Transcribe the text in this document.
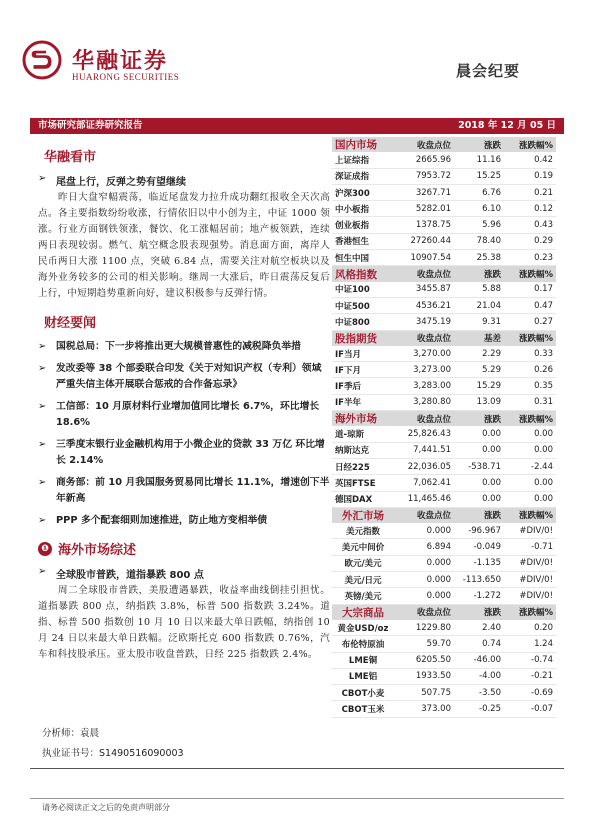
华融证券
HUARONG SECURITIES	晨会纪要
市场研究部证券研究报告	2018 年 12 月 05 日
华融看市
➢ 尾盘上行，反弹之势有望继续
昨日大盘窄幅震荡，临近尾盘发力拉升成功翻红报收全天次高点。各主要指数纷纷收涨，行情依旧以中小创为主，中证 1000 领涨。行业方面钢铁领涨，餐饮、化工涨幅居前；地产板领跌，连续两日表现较弱。燃气、航空概念股表现强势。消息面方面，离岸人民币两日大涨 1100 点，突破 6.84 点，需要关注对航空板块以及海外业务较多的公司的相关影响。继周一大涨后，昨日震荡反复后上行，中短期趋势重新向好，建议积极参与反弹行情。
财经要闻
➢ 国税总局：下一步将推出更大规模普惠性的减税降负举措
➢ 发改委等 38 个部委联合印发《关于对知识产权（专利）领域严重失信主体开展联合惩戒的合作备忘录》
➢ 工信部：10 月原材料行业增加值同比增长 6.7%，环比增长 18.6%
➢ 三季度末银行业金融机构用于小微企业的贷款 33 万亿 环比增长 2.14%
➢ 商务部：前 10 月我国服务贸易同比增长 11.1%，增速创下半年新高
➢ PPP 多个配套细则加速推进，防止地方变相举债
❶ 海外市场综述
➢ 全球股市普跌，道指暴跌 800 点
周二全球股市普跌，美股遭遇暴跌，收益率曲线倒挂引担忧。道指暴跌 800 点，纳指跌 3.8%，标普 500 指数跌 3.24%。道指、标普 500 指数创 10 月 10 日以来最大单日跌幅，纳指创 10 月 24 日以来最大单日跌幅。泛欧斯托克 600 指数跌 0.76%，汽车和科技股承压。亚太股市收盘普跌，日经 225 指数跌 2.4%。
国内市场	收盘点位	涨跌	涨跌幅%
上证综指	2665.96	11.16	0.42
深证成指	7953.72	15.25	0.19
沪深300	3267.71	6.76	0.21
中小板指	5282.01	6.10	0.12
创业板指	1378.75	5.96	0.43
香港恒生	27260.44	78.40	0.29
恒生中国	10907.54	25.38	0.23
风格指数	收盘点位	涨跌	涨跌幅%
中证100	3455.87	5.88	0.17
中证500	4536.21	21.04	0.47
中证800	3475.19	9.31	0.27
股指期货	收盘点位	基差	涨跌幅%
IF当月	3,270.00	2.29	0.33
IF下月	3,273.00	5.29	0.26
IF季后	3,283.00	15.29	0.35
IF半年	3,280.80	13.09	0.31
海外市场	收盘点位	涨跌	涨跌幅%
道-琼斯	25,826.43	0.00	0.00
纳斯达克	7,441.51	0.00	0.00
日经225	22,036.05	-538.71	-2.44
英国FTSE	7,062.41	0.00	0.00
德国DAX	11,465.46	0.00	0.00
外汇市场	收盘点位	涨跌	涨跌幅%
美元指数	0.000	-96.967	#DIV/0!
美元中间价	6.894	-0.049	-0.71
欧元/美元	0.000	-1.135	#DIV/0!
美元/日元	0.000	-113.650	#DIV/0!
英镑/美元	0.000	-1.272	#DIV/0!
大宗商品	收盘点位	涨跌	涨跌幅%
黄金USD/oz	1229.80	2.40	0.20
布伦特原油	59.70	0.74	1.24
LME铜	6205.50	-46.00	-0.74
LME铝	1933.50	-4.00	-0.21
CBOT小麦	507.75	-3.50	-0.69
CBOT玉米	373.00	-0.25	-0.07
分析师：袁晨
执业证书号：S1490516090003
请务必阅读正文之后的免责声明部分
